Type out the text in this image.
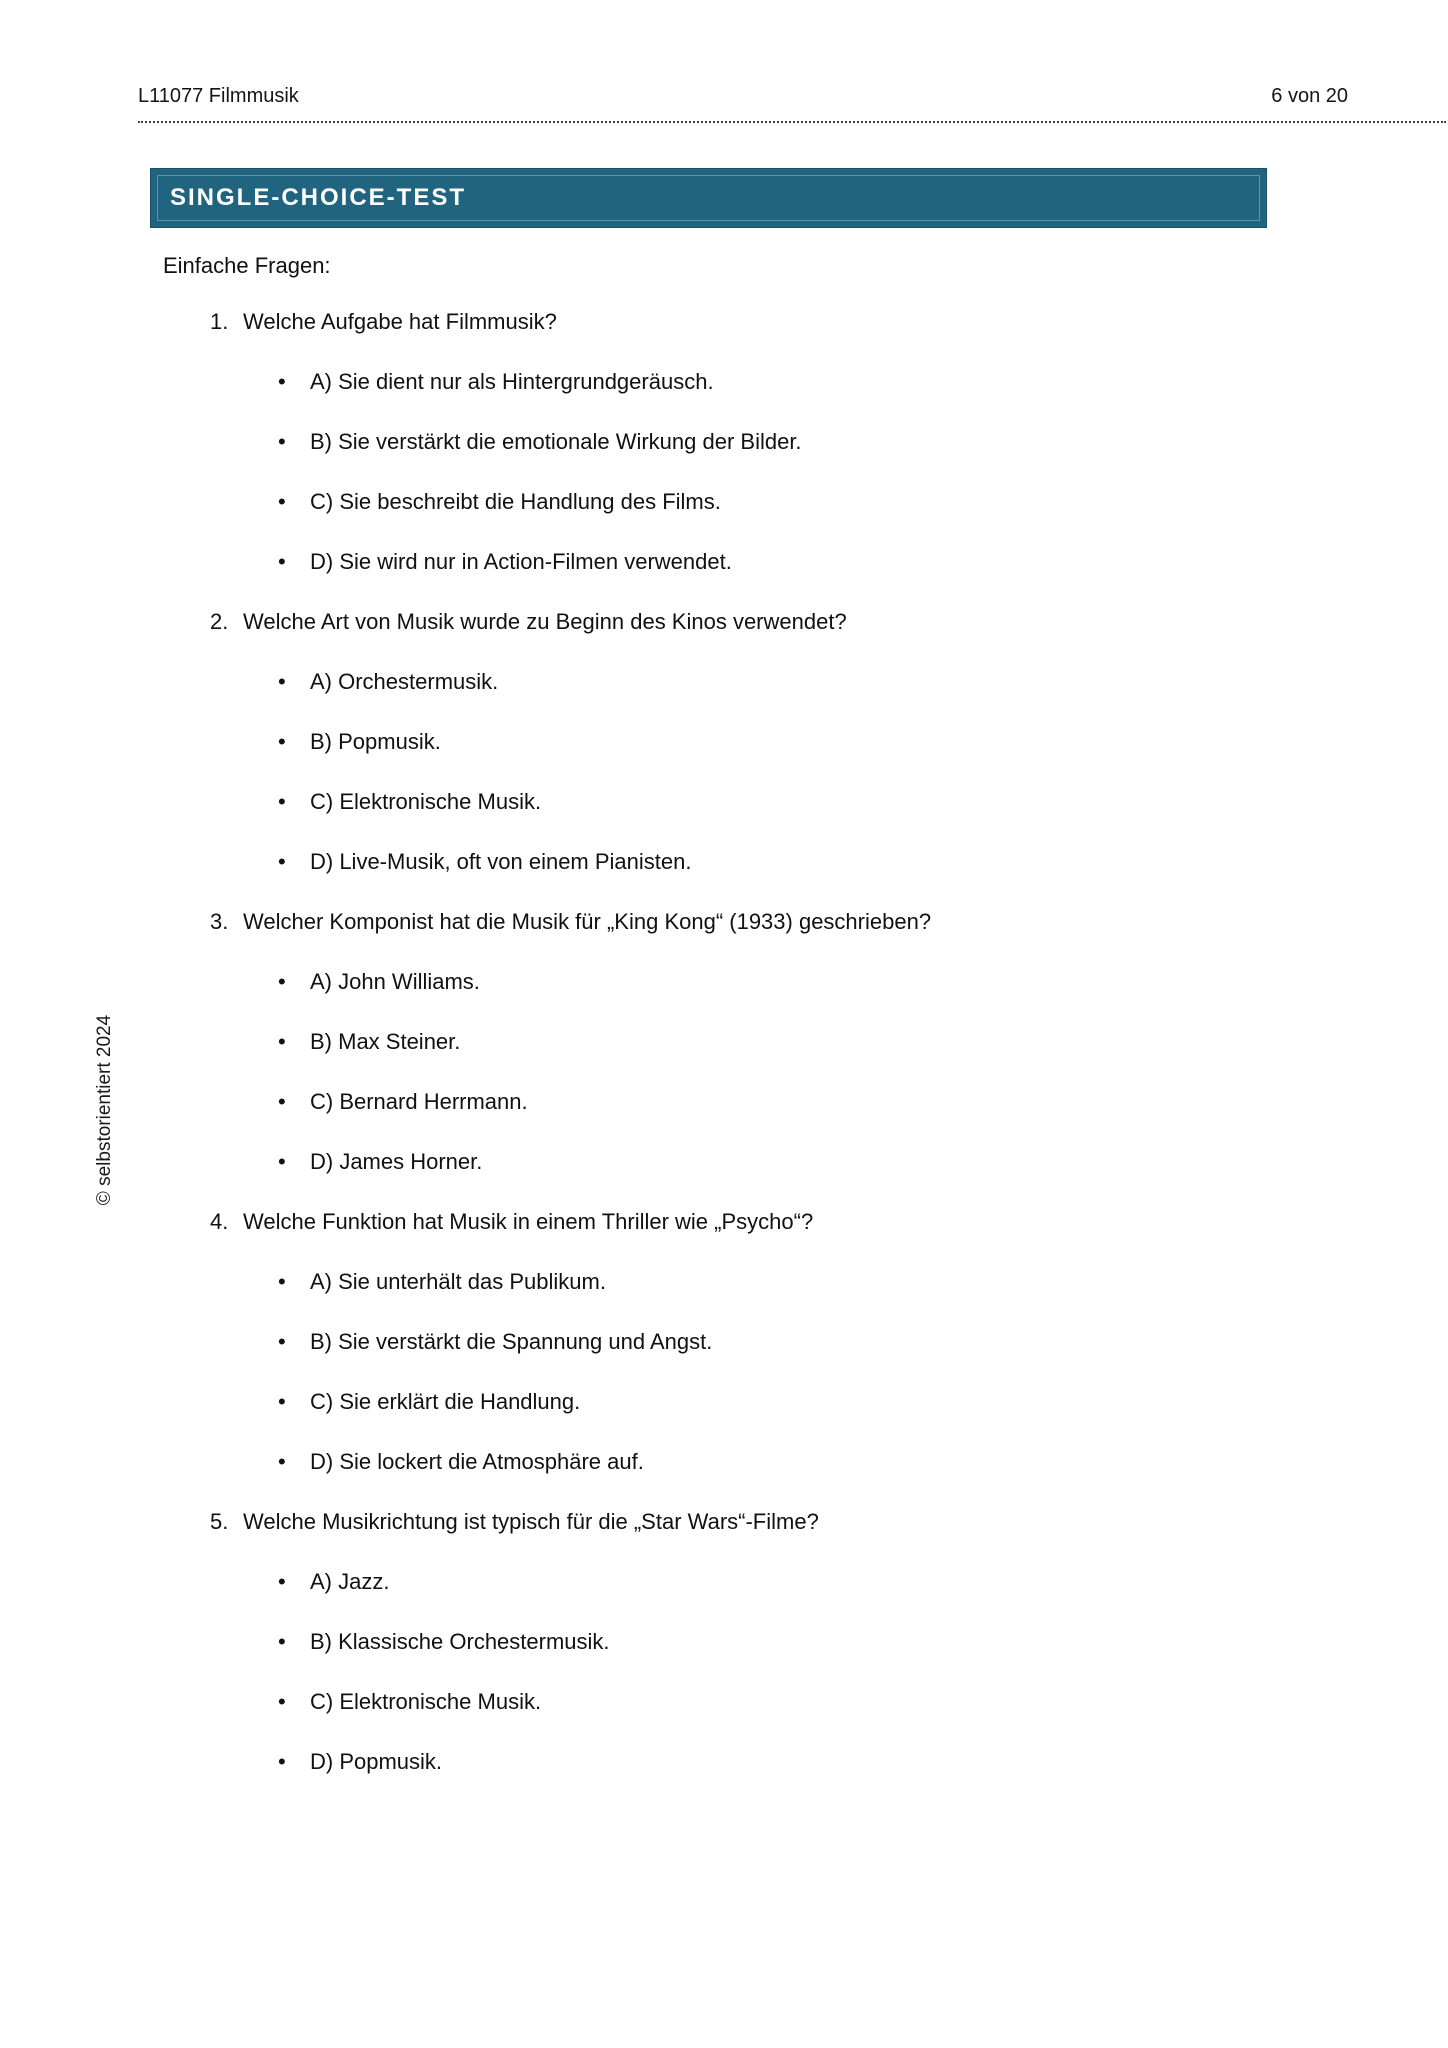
L11077 Filmmusik	6 von 20
SINGLE-CHOICE-TEST

Einfache Fragen:

1. Welche Aufgabe hat Filmmusik?
• A) Sie dient nur als Hintergrundgeräusch.
• B) Sie verstärkt die emotionale Wirkung der Bilder.
• C) Sie beschreibt die Handlung des Films.
• D) Sie wird nur in Action-Filmen verwendet.
2. Welche Art von Musik wurde zu Beginn des Kinos verwendet?
• A) Orchestermusik.
• B) Popmusik.
• C) Elektronische Musik.
• D) Live-Musik, oft von einem Pianisten.
3. Welcher Komponist hat die Musik für „King Kong“ (1933) geschrieben?
• A) John Williams.
• B) Max Steiner.
• C) Bernard Herrmann.
• D) James Horner.
4. Welche Funktion hat Musik in einem Thriller wie „Psycho“?
• A) Sie unterhält das Publikum.
• B) Sie verstärkt die Spannung und Angst.
• C) Sie erklärt die Handlung.
• D) Sie lockert die Atmosphäre auf.
5. Welche Musikrichtung ist typisch für die „Star Wars“-Filme?
• A) Jazz.
• B) Klassische Orchestermusik.
• C) Elektronische Musik.
• D) Popmusik.
© selbstorientiert 2024
